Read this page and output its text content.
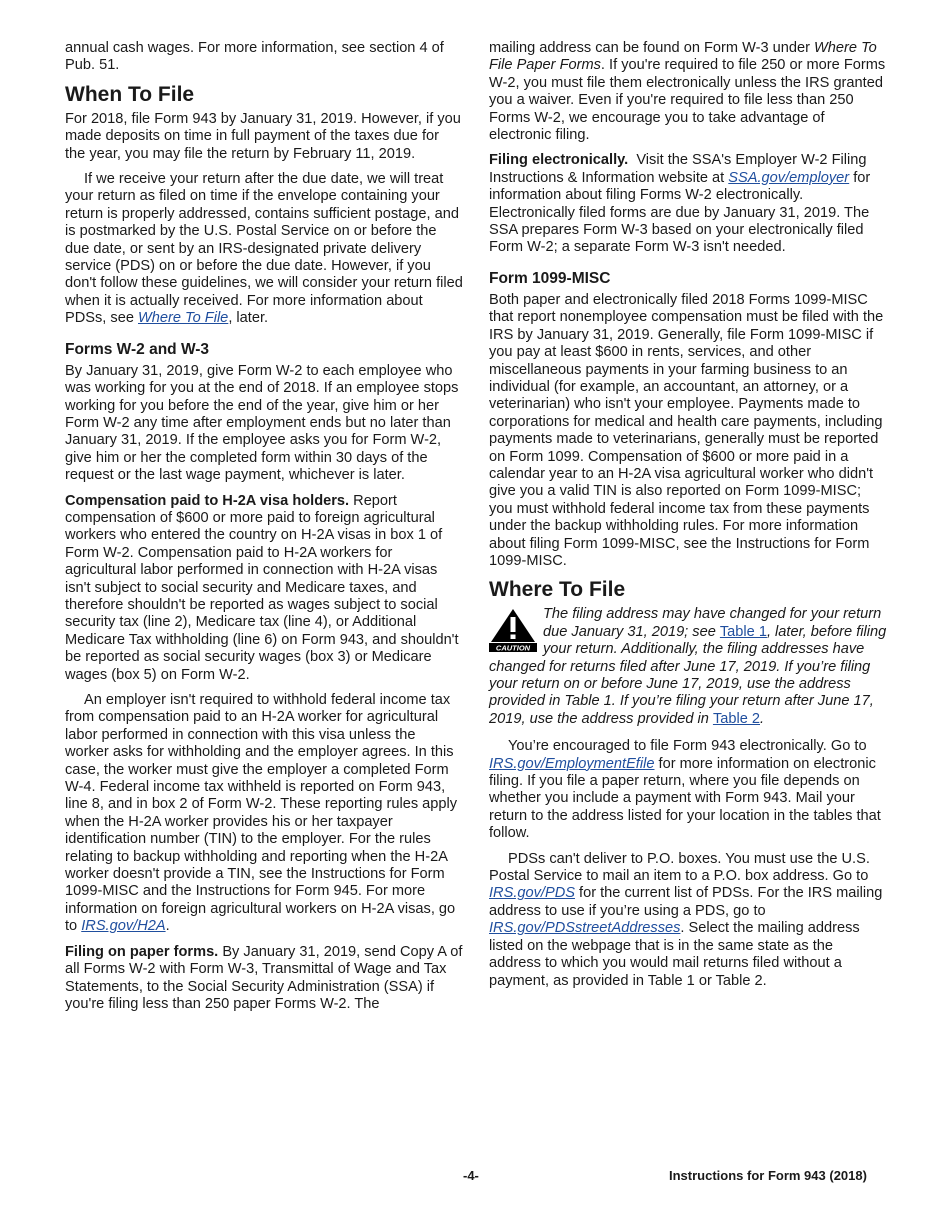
annual cash wages. For more information, see section 4 of Pub. 51.

When To File

For 2018, file Form 943 by January 31, 2019. However, if you made deposits on time in full payment of the taxes due for the year, you may file the return by February 11, 2019.

If we receive your return after the due date, we will treat your return as filed on time if the envelope containing your return is properly addressed, contains sufficient postage, and is postmarked by the U.S. Postal Service on or before the due date, or sent by an IRS-designated private delivery service (PDS) on or before the due date. However, if you don't follow these guidelines, we will consider your return filed when it is actually received. For more information about PDSs, see Where To File, later.

Forms W-2 and W-3

By January 31, 2019, give Form W-2 to each employee who was working for you at the end of 2018. If an employee stops working for you before the end of the year, give him or her Form W-2 any time after employment ends but no later than January 31, 2019. If the employee asks you for Form W-2, give him or her the completed form within 30 days of the request or the last wage payment, whichever is later.

Compensation paid to H-2A visa holders. Report compensation of $600 or more paid to foreign agricultural workers who entered the country on H-2A visas in box 1 of Form W-2. Compensation paid to H-2A workers for agricultural labor performed in connection with H-2A visas isn't subject to social security and Medicare taxes, and therefore shouldn't be reported as wages subject to social security tax (line 2), Medicare tax (line 4), or Additional Medicare Tax withholding (line 6) on Form 943, and shouldn't be reported as social security wages (box 3) or Medicare wages (box 5) on Form W-2.

An employer isn't required to withhold federal income tax from compensation paid to an H-2A worker for agricultural labor performed in connection with this visa unless the worker asks for withholding and the employer agrees. In this case, the worker must give the employer a completed Form W-4. Federal income tax withheld is reported on Form 943, line 8, and in box 2 of Form W-2. These reporting rules apply when the H-2A worker provides his or her taxpayer identification number (TIN) to the employer. For the rules relating to backup withholding and reporting when the H-2A worker doesn't provide a TIN, see the Instructions for Form 1099-MISC and the Instructions for Form 945. For more information on foreign agricultural workers on H-2A visas, go to IRS.gov/H2A.

Filing on paper forms. By January 31, 2019, send Copy A of all Forms W-2 with Form W-3, Transmittal of Wage and Tax Statements, to the Social Security Administration (SSA) if you're filing less than 250 paper Forms W-2. The

mailing address can be found on Form W-3 under Where To File Paper Forms. If you're required to file 250 or more Forms W-2, you must file them electronically unless the IRS granted you a waiver. Even if you're required to file less than 250 Forms W-2, we encourage you to take advantage of electronic filing.

Filing electronically. Visit the SSA's Employer W-2 Filing Instructions & Information website at SSA.gov/employer for information about filing Forms W-2 electronically. Electronically filed forms are due by January 31, 2019. The SSA prepares Form W-3 based on your electronically filed Form W-2; a separate Form W-3 isn't needed.

Form 1099-MISC

Both paper and electronically filed 2018 Forms 1099-MISC that report nonemployee compensation must be filed with the IRS by January 31, 2019. Generally, file Form 1099-MISC if you pay at least $600 in rents, services, and other miscellaneous payments in your farming business to an individual (for example, an accountant, an attorney, or a veterinarian) who isn't your employee. Payments made to corporations for medical and health care payments, including payments made to veterinarians, generally must be reported on Form 1099. Compensation of $600 or more paid in a calendar year to an H-2A visa agricultural worker who didn't give you a valid TIN is also reported on Form 1099-MISC; you must withhold federal income tax from these payments under the backup withholding rules. For more information about filing Form 1099-MISC, see the Instructions for Form 1099-MISC.

Where To File
CAUTION
The filing address may have changed for your return due January 31, 2019; see Table 1, later, before filing your return. Additionally, the filing addresses have changed for returns filed after June 17, 2019. If you’re filing your return on or before June 17, 2019, use the address provided in Table 1. If you’re filing your return after June 17, 2019, use the address provided in Table 2.

You’re encouraged to file Form 943 electronically. Go to IRS.gov/EmploymentEfile for more information on electronic filing. If you file a paper return, where you file depends on whether you include a payment with Form 943. Mail your return to the address listed for your location in the tables that follow.

PDSs can't deliver to P.O. boxes. You must use the U.S. Postal Service to mail an item to a P.O. box address. Go to IRS.gov/PDS for the current list of PDSs. For the IRS mailing address to use if you’re using a PDS, go to IRS.gov/PDSstreetAddresses. Select the mailing address listed on the webpage that is in the same state as the address to which you would mail returns filed without a payment, as provided in Table 1 or Table 2.

-4-	Instructions for Form 943 (2018)
